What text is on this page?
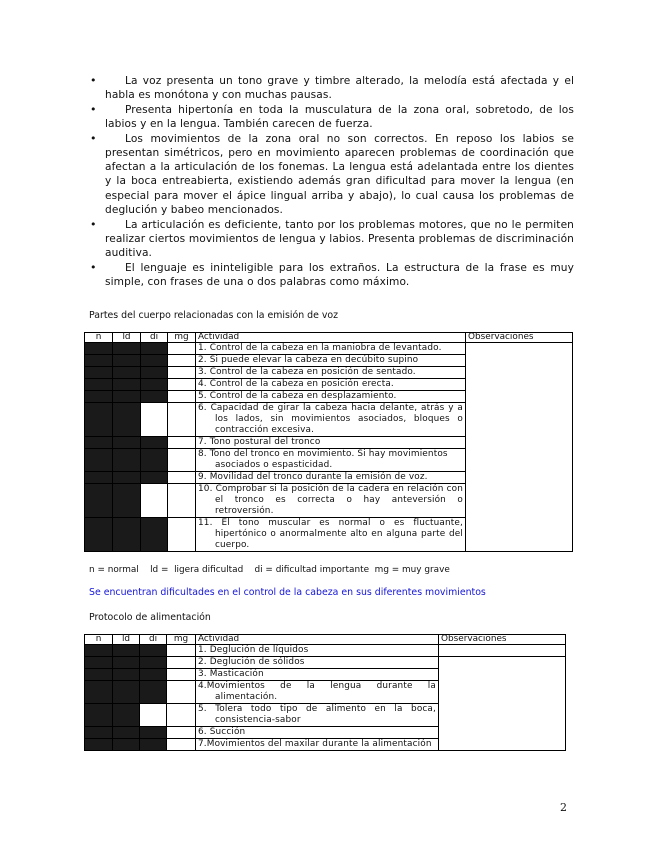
•	La voz presenta un tono grave y timbre alterado, la melodía está afectada y el habla es monótona y con muchas pausas.
•	Presenta hipertonía en toda la musculatura de la zona oral, sobretodo, de los labios y en la lengua. También carecen de fuerza.
•	Los movimientos de la zona oral no son correctos. En reposo los labios se presentan simétricos, pero en movimiento aparecen problemas de coordinación que afectan a la articulación de los fonemas. La lengua está adelantada entre los dientes y la boca entreabierta, existiendo además gran dificultad para mover la lengua (en especial para mover el ápice lingual arriba y abajo), lo cual causa los problemas de deglución y babeo mencionados.
•	La articulación es deficiente, tanto por los problemas motores, que no le permiten realizar ciertos movimientos de lengua y labios. Presenta problemas de discriminación auditiva.
•	El lenguaje es ininteligible para los extraños. La estructura de la frase es muy simple, con frases de una o dos palabras como máximo.
Partes del cuerpo relacionadas con la emisión de voz
n	ld	di	mg	Actividad	Observaciones
				1. Control de la cabeza en la maniobra de levantado.	
				2. Si puede elevar la cabeza en decúbito supino	
				3. Control de la cabeza en posición de sentado.	
				4. Control de la cabeza en posición erecta.	
				5. Control de la cabeza en desplazamiento.	

				6. Capacidad de girar la cabeza hacia delante, atrás y a los lados, sin movimientos asociados, bloques o contracción excesiva.	

				7. Tono postural del tronco	

				8. Tono del tronco en movimiento. Si hay movimientos asociados o espasticidad.	

				9. Movilidad del tronco durante la emisión de voz.	

				10. Comprobar si la posición de la cadera en relación con el tronco es correcta o hay anteversión o retroversión.	

				11. El tono muscular es normal o es fluctuante, hipertónico o anormalmente alto en alguna parte del cuerpo.	
n = normal    ld =  ligera dificultad    di = dificultad importante  mg = muy grave
Se encuentran dificultades en el control de la cabeza en sus diferentes movimientos
Protocolo de alimentación
n	ld	di	mg	Actividad	Observaciones
				1. Deglución de líquidos	
				2. Deglución de sólidos	
				3. Masticación	

				4.Movimientos de la lengua durante la alimentación.	

				5. Tolera todo tipo de alimento en la boca, consistencia-sabor	

				6. Succión	

				7.Movimientos del maxilar durante la alimentación	
2
